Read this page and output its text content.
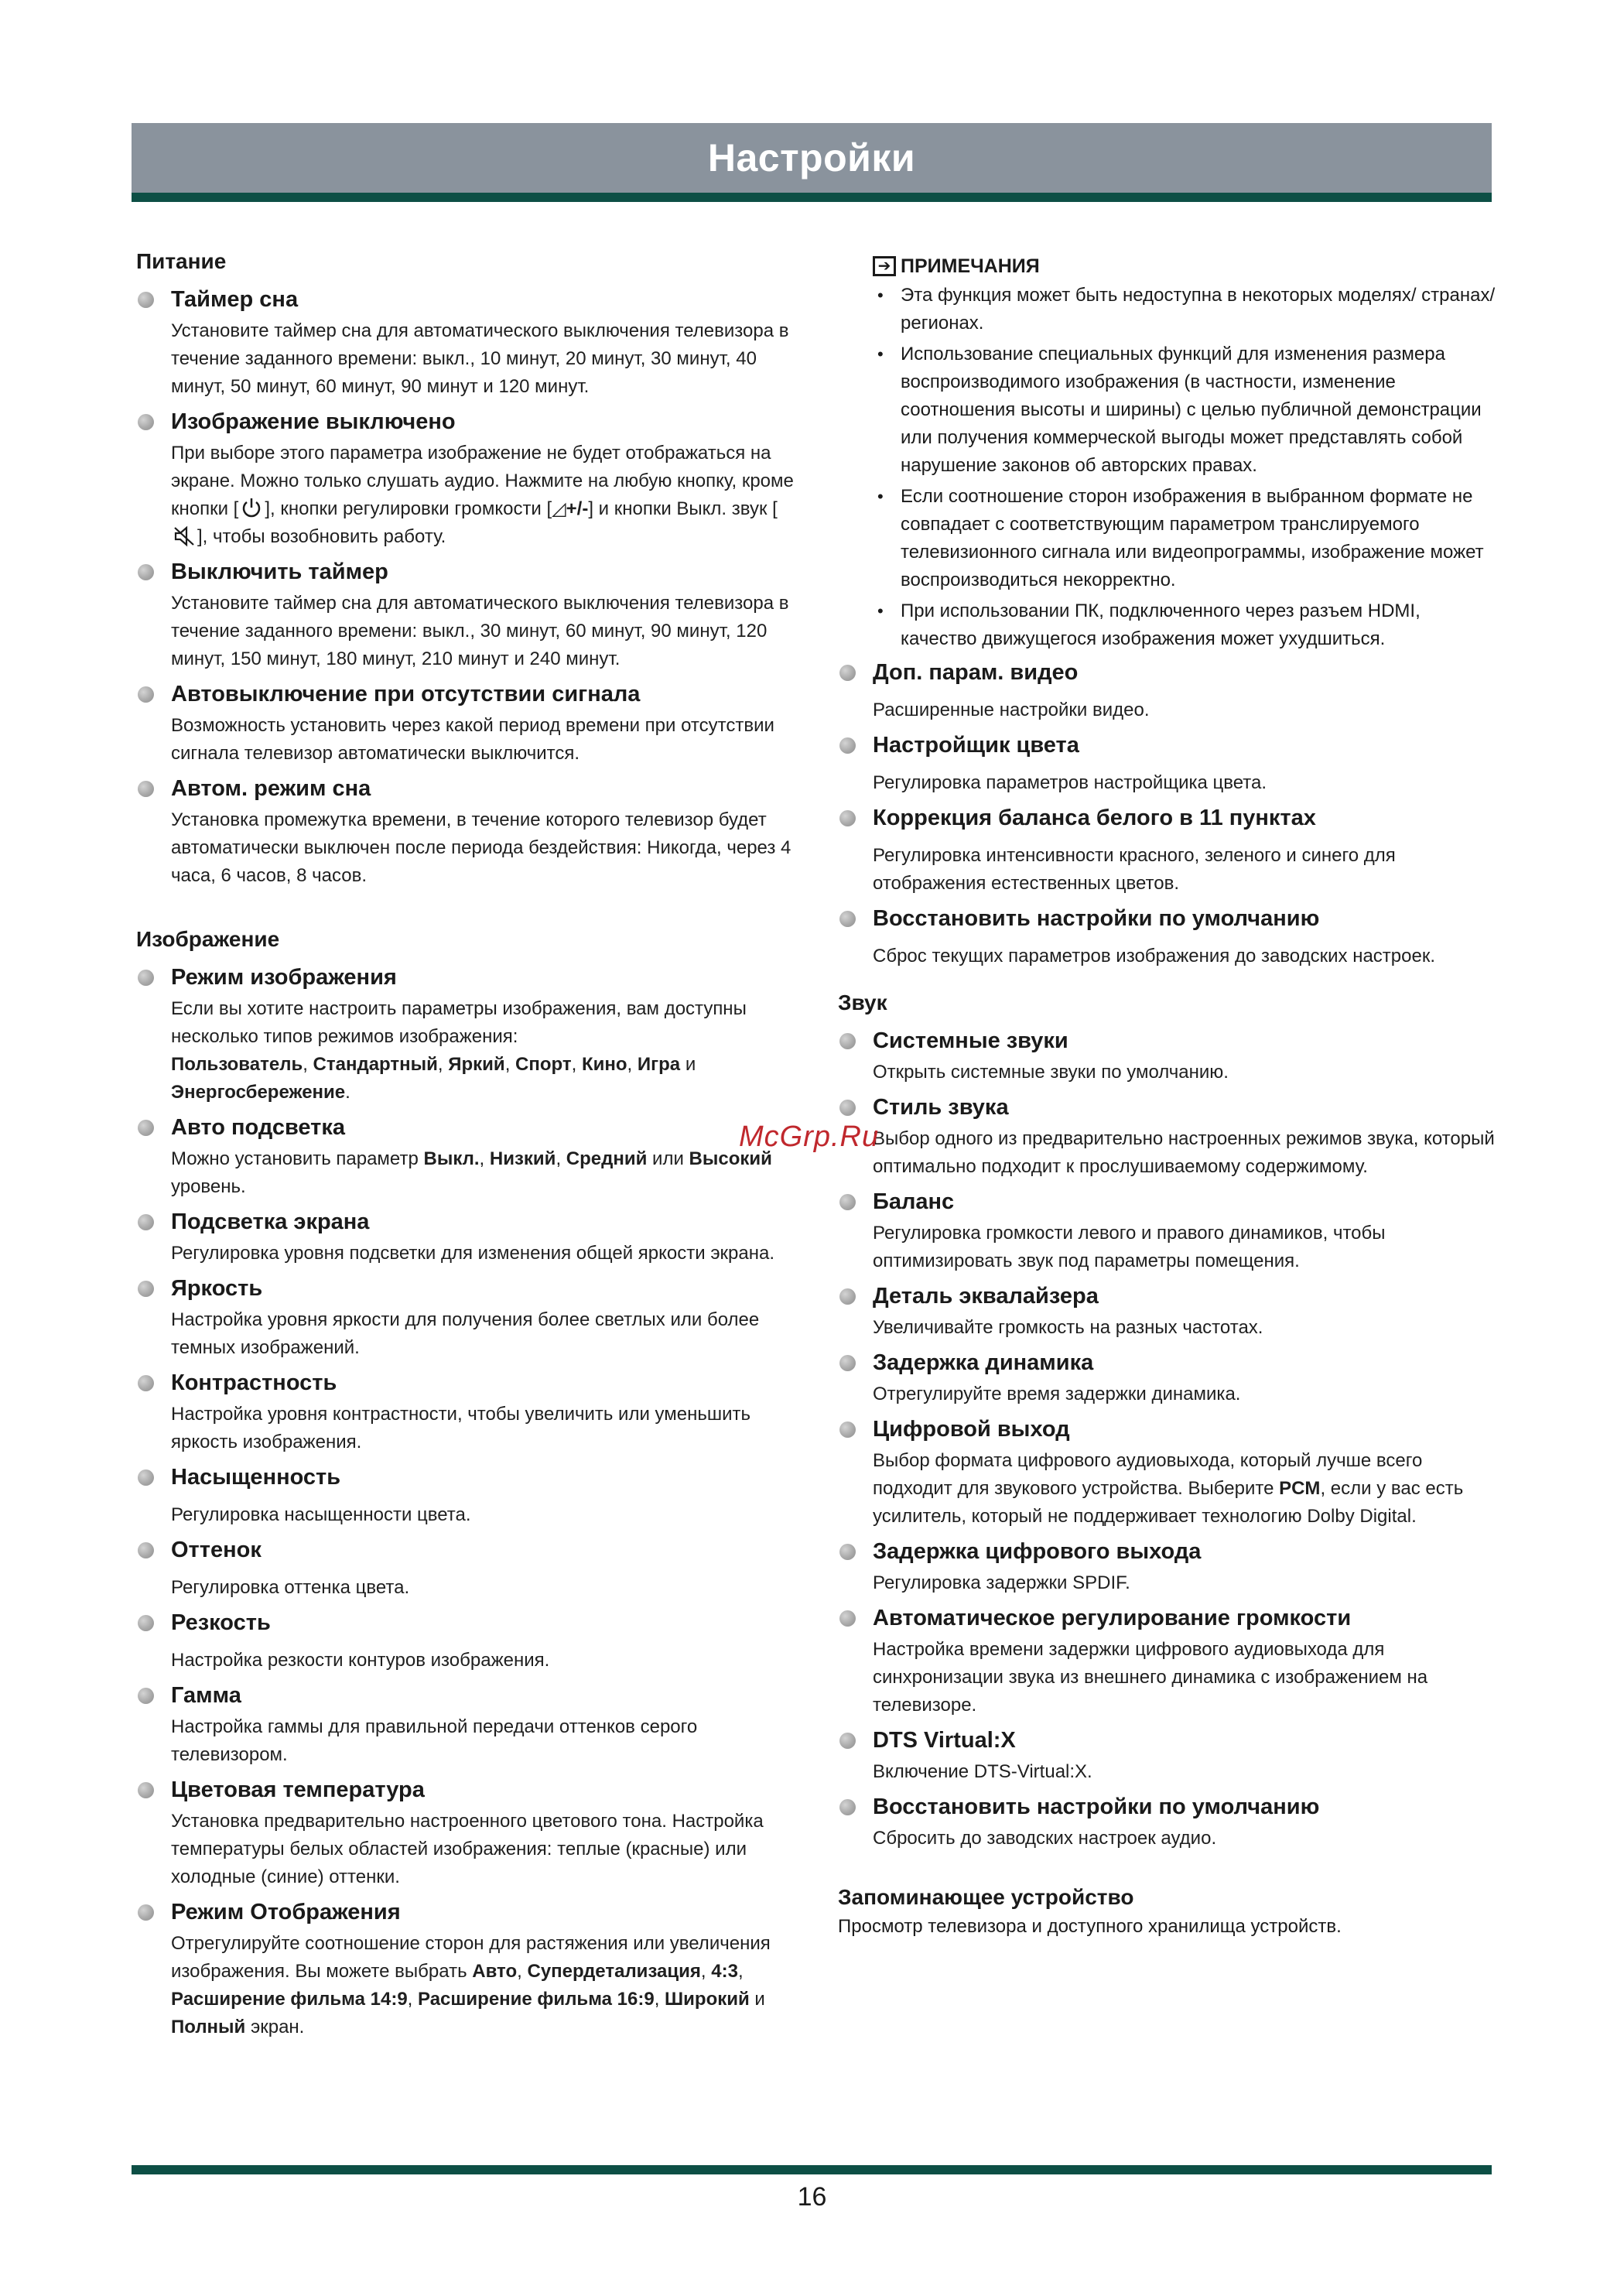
Настройки
Питание
Таймер сна
Установите таймер сна для автоматического выключения телевизора в течение заданного времени: выкл., 10 минут, 20 минут, 30 минут, 40 минут, 50 минут, 60 минут, 90 минут и 120 минут.
Изображение выключено
При выборе этого параметра изображение не будет отображаться на экране. Можно только слушать аудио. Нажмите на любую кнопку, кроме кнопки [ ], кнопки регулировки громкости [◿+/-] и кнопки Выкл. звук [], чтобы возобновить работу.
Выключить таймер
Установите таймер сна для автоматического выключения телевизора в течение заданного времени: выкл., 30 минут, 60 минут, 90 минут, 120 минут, 150 минут, 180 минут, 210 минут и 240 минут.
Автовыключение при отсутствии сигнала
Возможность установить через какой период времени при отсутствии сигнала телевизор автоматически выключится.
Автом. режим сна
Установка промежутка времени, в течение которого телевизор будет автоматически выключен после периода бездействия: Никогда, через 4 часа, 6 часов, 8 часов.
Изображение
Режим изображения
Если вы хотите настроить параметры изображения, вам доступны несколько типов режимов изображения:
Пользователь, Стандартный, Яркий, Спорт, Кино, Игра и Энергосбережение.
Авто подсветка
Можно установить параметр Выкл., Низкий, Средний или Высокий уровень.
Подсветка экрана
Регулировка уровня подсветки для изменения общей яркости экрана.
Яркость
Настройка уровня яркости для получения более светлых или более темных изображений.
Контрастность
Настройка уровня контрастности, чтобы увеличить или уменьшить яркость изображения.
Насыщенность
Регулировка насыщенности цвета.
Оттенок
Регулировка оттенка цвета.
Резкость
Настройка резкости контуров изображения.
Гамма
Настройка гаммы для правильной передачи оттенков серого телевизором.
Цветовая температура
Установка предварительно настроенного цветового тона. Настройка температуры белых областей изображения: теплые (красные) или холодные (синие) оттенки.
Режим Отображения
Отрегулируйте соотношение сторон для растяжения или увеличения изображения. Вы можете выбрать Авто, Супердетализация, 4:3, Расширение фильма 14:9, Расширение фильма 16:9, Широкий и Полный экран.
➔ ПРИМЕЧАНИЯ
• Эта функция может быть недоступна в некоторых моделях/ странах/регионах.
• Использование специальных функций для изменения размера воспроизводимого изображения (в частности, изменение соотношения высоты и ширины) с целью публичной демонстрации или получения коммерческой выгоды может представлять собой нарушение законов об авторских правах.
• Если соотношение сторон изображения в выбранном формате не совпадает с соответствующим параметром транслируемого телевизионного сигнала или видеопрограммы, изображение может воспроизводиться некорректно.
• При использовании ПК, подключенного через разъем HDMI, качество движущегося изображения может ухудшиться.
Доп. парам. видео
Расширенные настройки видео.
Настройщик цвета
Регулировка параметров настройщика цвета.
Коррекция баланса белого в 11 пунктах
Регулировка интенсивности красного, зеленого и синего для отображения естественных цветов.
Восстановить настройки по умолчанию
Сброс текущих параметров изображения до заводских настроек.
Звук
Системные звуки
Открыть системные звуки по умолчанию.
Стиль звука
Выбор одного из предварительно настроенных режимов звука, который оптимально подходит к прослушиваемому содержимому.
Баланс
Регулировка громкости левого и правого динамиков, чтобы оптимизировать звук под параметры помещения.
Деталь эквалайзера
Увеличивайте громкость на разных частотах.
Задержка динамика
Отрегулируйте время задержки динамика.
Цифровой выход
Выбор формата цифрового аудиовыхода, который лучше всего подходит для звукового устройства. Выберите PCM, если у вас есть усилитель, который не поддерживает технологию Dolby Digital.
Задержка цифрового выхода
Регулировка задержки SPDIF.
Автоматическое регулирование громкости
Настройка времени задержки цифрового аудиовыхода для синхронизации звука из внешнего динамика с изображением на телевизоре.
DTS Virtual:X
Включение DTS-Virtual:X.
Восстановить настройки по умолчанию
Сбросить до заводских настроек аудио.
Запоминающее устройство
Просмотр телевизора и доступного хранилища устройств.
McGrp.Ru
16
